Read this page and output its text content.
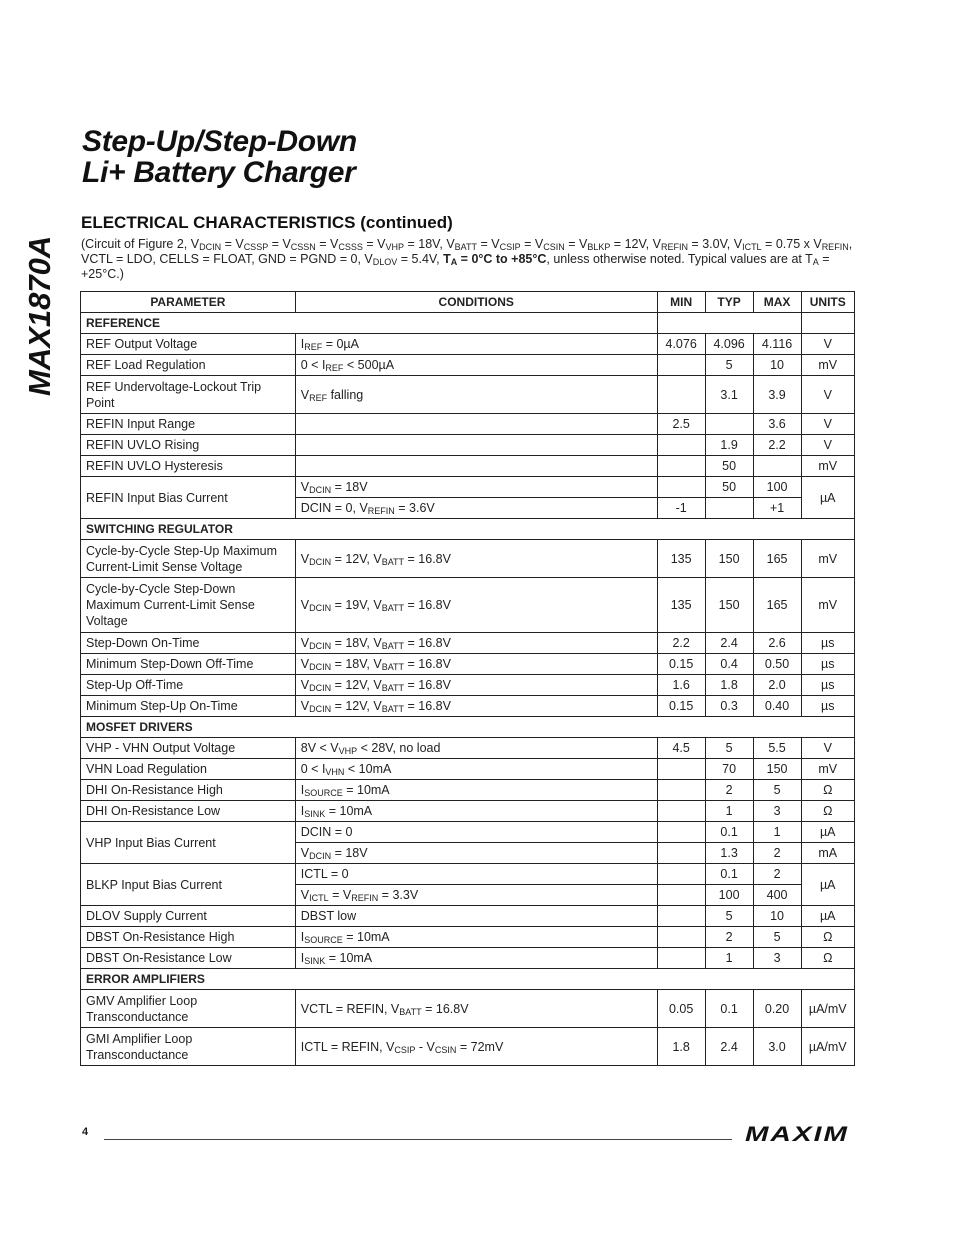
MAX1870A
Step-Up/Step-Down
Li+ Battery Charger
ELECTRICAL CHARACTERISTICS (continued)
(Circuit of Figure 2, $V_{DCIN} = V_{CSSP} = V_{CSSN} = V_{CSSS} = V_{VHP} = 18V$, $V_{BATT} = V_{CSIP} = V_{CSIN} = V_{BLKP} = 12V$, $V_{REFIN} = 3.0V$, $V_{ICTL} = 0.75$ x $V_{REFIN}$, VCTL = LDO, CELLS = FLOAT, GND = PGND = 0, $V_{DLOV} = 5.4V$, $T_A = 0^\circ C$ to +85°C, unless otherwise noted. Typical values are at $T_A = +25^\circ C$.)
PARAMETER	CONDITIONS	MIN	TYP	MAX	UNITS
REFERENCE					
REF Output Voltage	$I_{REF} = 0\mu A$	4.076	4.096	4.116	V
REF Load Regulation	$0 < I_{REF} < 500\mu A$		5	10	mV
REF Undervoltage-Lockout Trip Point	$V_{REF}$ falling		3.1	3.9	V
REFIN Input Range		2.5		3.6	V
REFIN UVLO Rising			1.9	2.2	V
REFIN UVLO Hysteresis			50		mV
REFIN Input Bias Current	$V_{DCIN} = 18V$		50	100	µA
	DCIN = 0, $V_{REFIN} = 3.6V$	-1		+1	
SWITCHING REGULATOR					
Cycle-by-Cycle Step-Up Maximum Current-Limit Sense Voltage	$V_{DCIN} = 12V$, $V_{BATT} = 16.8V$	135	150	165	mV
Cycle-by-Cycle Step-Down Maximum Current-Limit Sense Voltage	$V_{DCIN} = 19V$, $V_{BATT} = 16.8V$	135	150	165	mV
Step-Down On-Time	$V_{DCIN} = 18V$, $V_{BATT} = 16.8V$	2.2	2.4	2.6	µs
Minimum Step-Down Off-Time	$V_{DCIN} = 18V$, $V_{BATT} = 16.8V$	0.15	0.4	0.50	µs
Step-Up Off-Time	$V_{DCIN} = 12V$, $V_{BATT} = 16.8V$	1.6	1.8	2.0	µs
Minimum Step-Up On-Time	$V_{DCIN} = 12V$, $V_{BATT} = 16.8V$	0.15	0.3	0.40	µs
MOSFET DRIVERS					
VHP - VHN Output Voltage	$8V < V_{VHP} < 28V$, no load	4.5	5	5.5	V
VHN Load Regulation	$0 < I_{VHN} < 10mA$		70	150	mV
DHI On-Resistance High	$I_{SOURCE} = 10mA$		2	5	Ω
DHI On-Resistance Low	$I_{SINK} = 10mA$		1	3	Ω
VHP Input Bias Current	DCIN = 0		0.1	1	µA
	$V_{DCIN} = 18V$		1.3	2	mA
BLKP Input Bias Current	ICTL = 0		0.1	2	µA
	$V_{ICTL} = V_{REFIN} = 3.3V$		100	400	
DLOV Supply Current	DBST low		5	10	µA
DBST On-Resistance High	$I_{SOURCE} = 10mA$		2	5	Ω
DBST On-Resistance Low	$I_{SINK} = 10mA$		1	3	Ω
ERROR AMPLIFIERS					
GMV Amplifier Loop Transconductance	VCTL = REFIN, $V_{BATT} = 16.8V$	0.05	0.1	0.20	µA/mV
GMI Amplifier Loop Transconductance	ICTL = REFIN, $V_{CSIP} - V_{CSIN} = 72mV$	1.8	2.4	3.0	µA/mV
4	MAXIM
